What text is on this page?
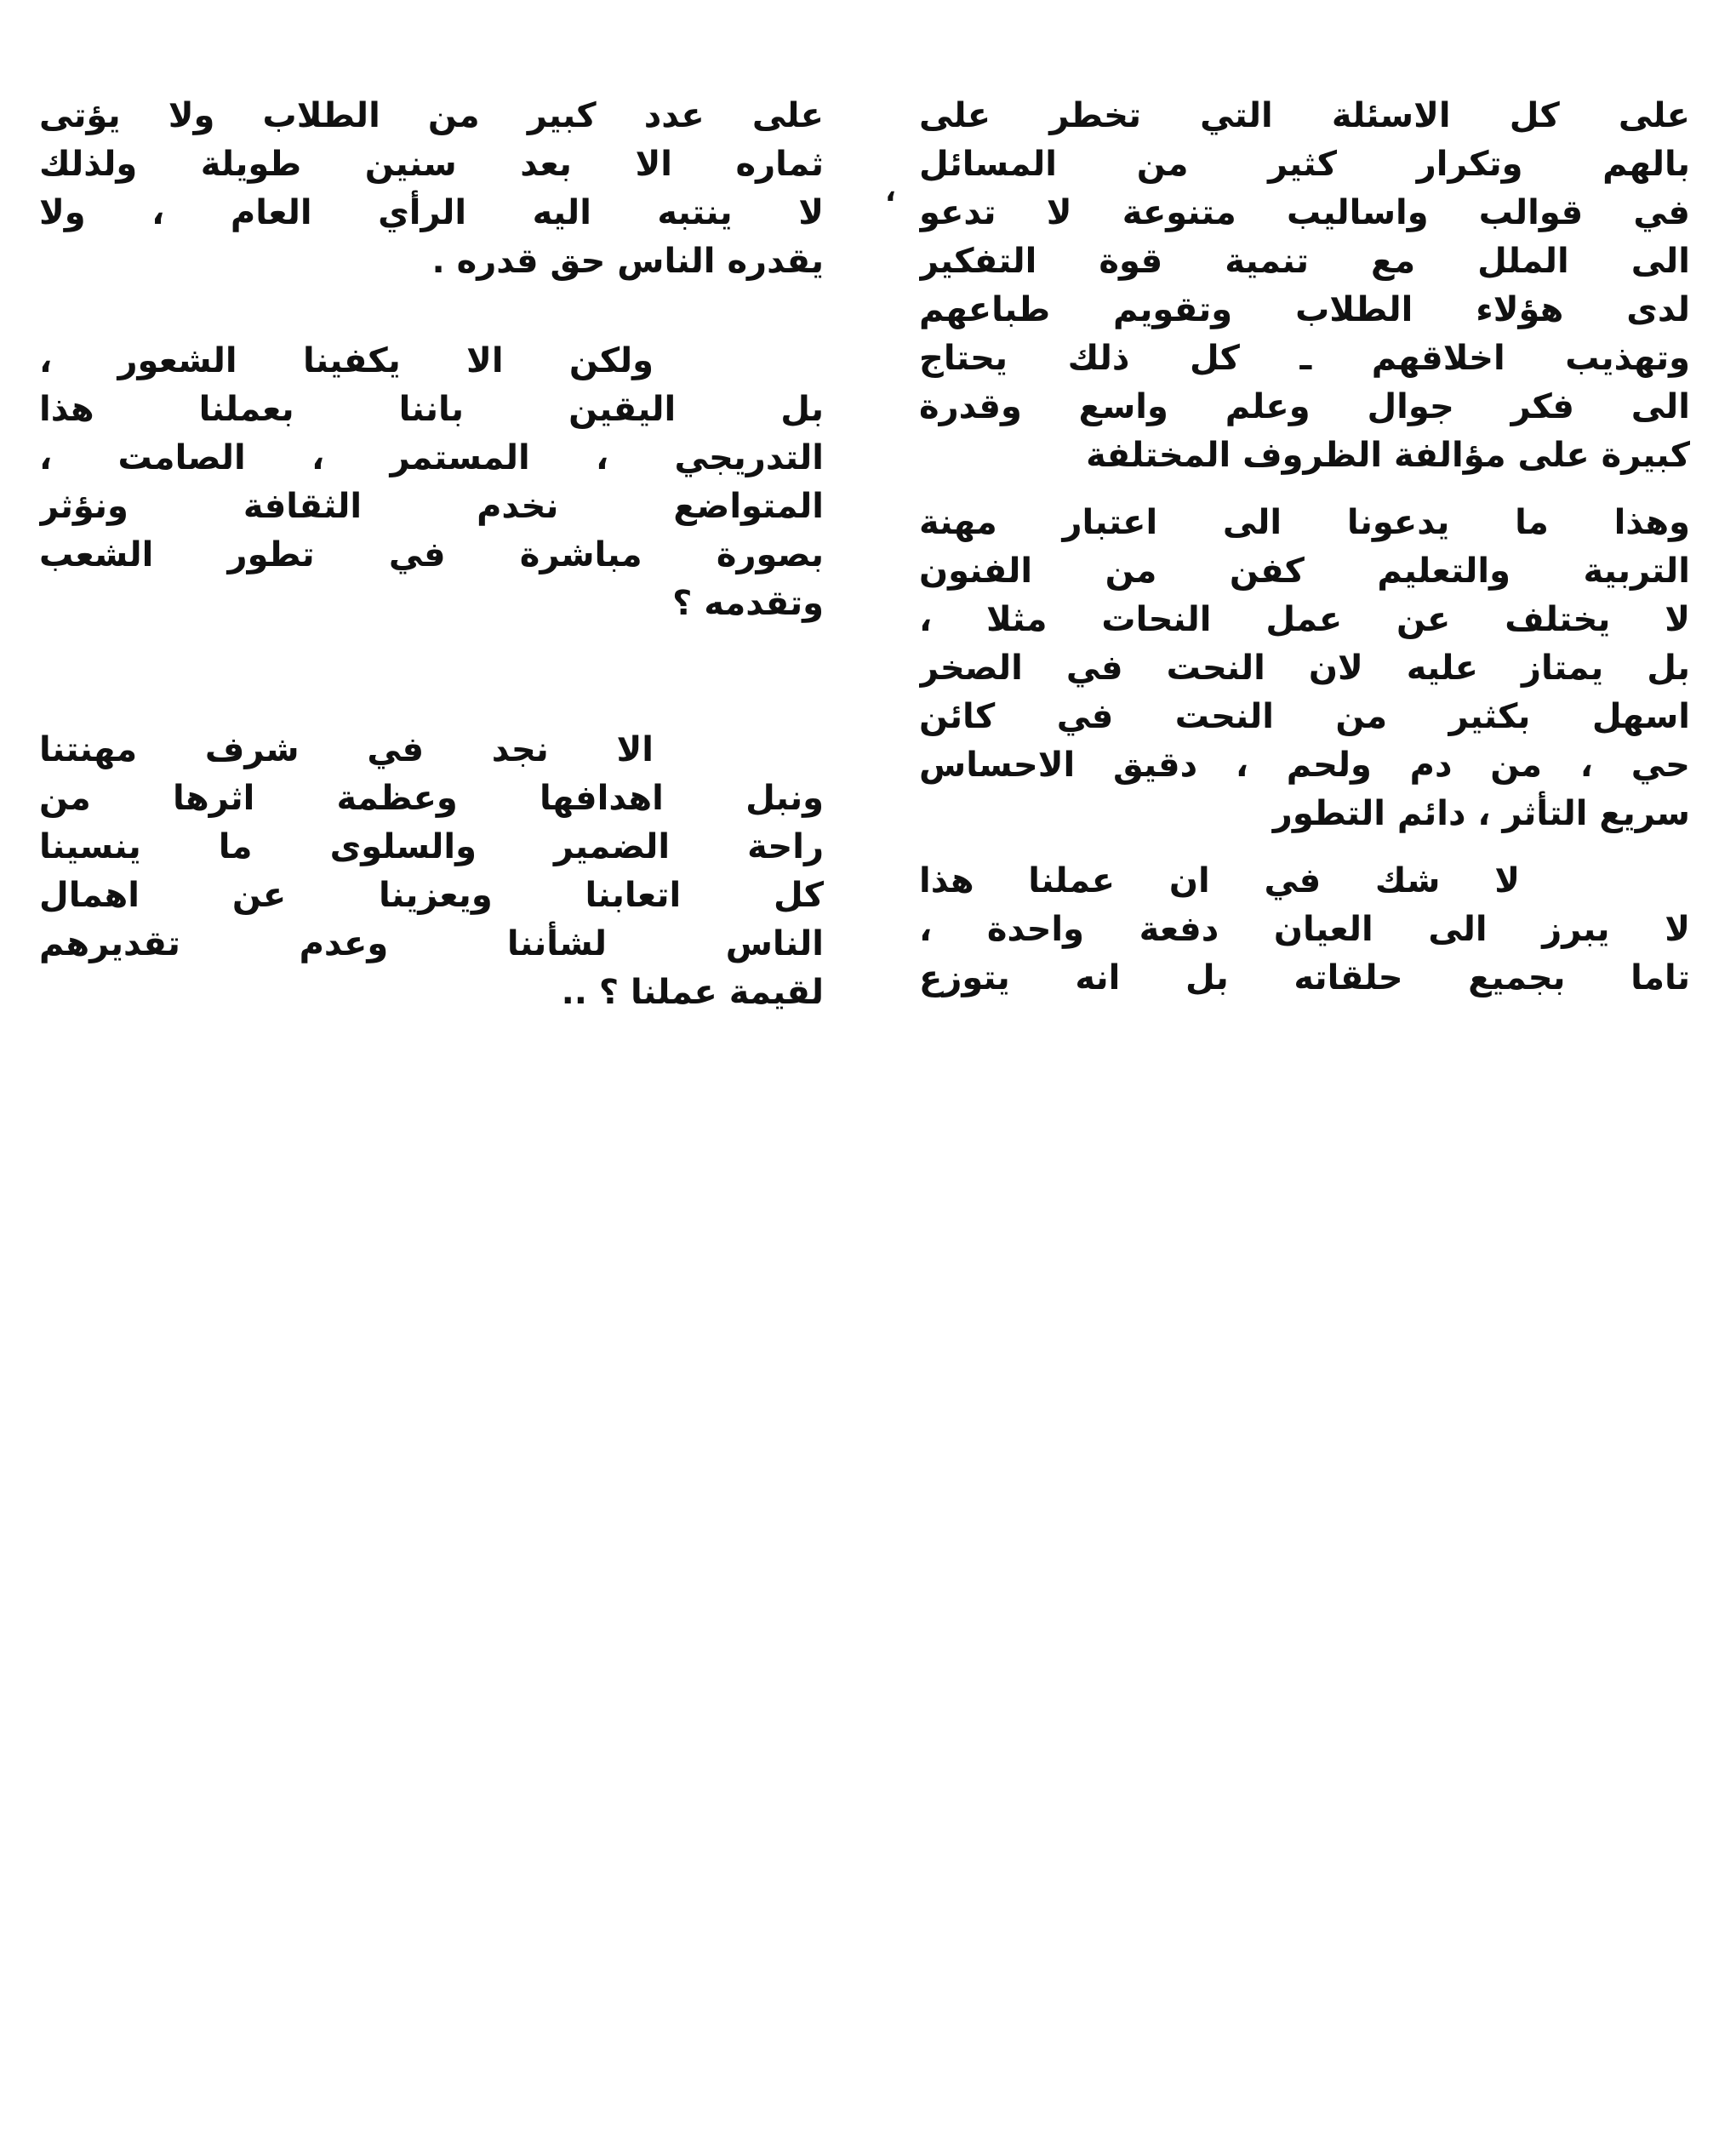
على كل الاسئلة التي تخطر على
بالهم وتكرار كثير من المسائل
في قوالب واساليب متنوعة لا تدعو
الى الملل مع تنمية قوة التفكير
لدى هؤلاء الطلاب وتقويم طباعهم
وتهذيب اخلاقهم ـ كل ذلك يحتاج
الى فكر جوال وعلم واسع وقدرة
كبيرة على مؤالفة الظروف المختلفة
وهذا ما يدعونا الى اعتبار مهنة
التربية والتعليم كفن من الفنون
لا يختلف عن عمل النحات مثلا ،
بل يمتاز عليه لان النحت في الصخر
اسهل بكثير من النحت في كائن
حي ، من دم ولحم ، دقيق الاحساس
سريع التأثر ، دائم التطور
لا شك في ان عملنا هذا
لا يبرز الى العيان دفعة واحدة ،
تاما بجميع حلقاته بل انه يتوزع
،
على عدد كبير من الطلاب ولا يؤتى
ثماره الا بعد سنين طويلة ولذلك
لا ينتبه اليه الرأي العام ، ولا
يقدره الناس حق قدره .
ولكن الا يكفينا الشعور ،
بل اليقين باننا بعملنا هذا
التدريجي ، المستمر ، الصامت ،
المتواضع نخدم الثقافة ونؤثر
بصورة مباشرة في تطور الشعب
وتقدمه ؟
الا نجد في شرف مهنتنا
ونبل اهدافها وعظمة اثرها من
راحة الضمير والسلوى ما ينسينا
كل اتعابنا ويعزينا عن اهمال
الناس لشأننا وعدم تقديرهم
لقيمة عملنا ؟ ..
